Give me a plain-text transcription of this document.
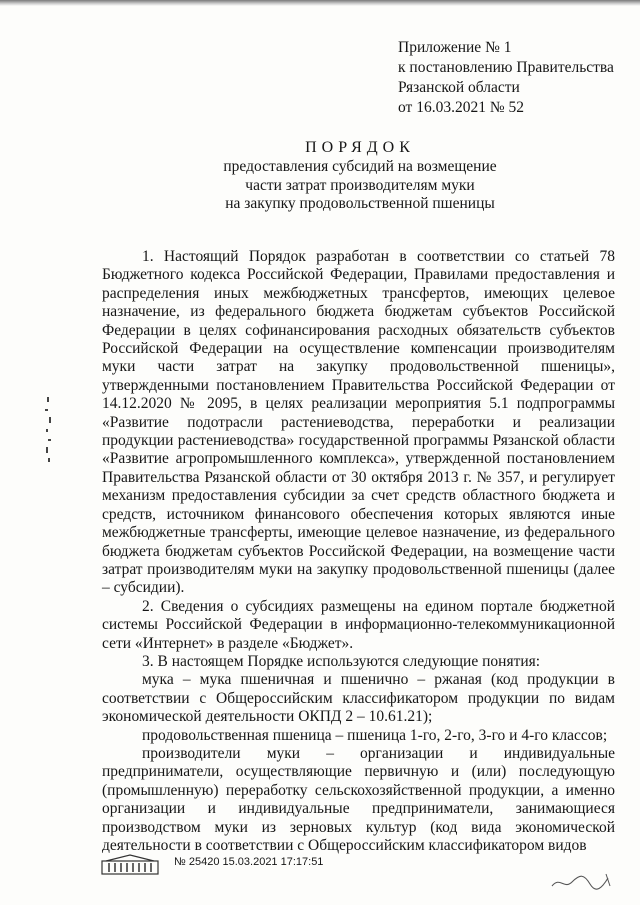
Приложение № 1
к постановлению Правительства
Рязанской области
от 16.03.2021 № 52
ПОРЯДОК
предоставления субсидий на возмещение
части затрат производителям муки
на закупку продовольственной пшеницы

1. Настоящий Порядок разработан в соответствии со статьей 78 Бюджетного кодекса Российской Федерации, Правилами предоставления и распределения иных межбюджетных трансфертов, имеющих целевое назначение, из федерального бюджета бюджетам субъектов Российской Федерации в целях софинансирования расходных обязательств субъектов Российской Федерации на осуществление компенсации производителям муки части затрат на закупку продовольственной пшеницы», утвержденными постановлением Правительства Российской Федерации от 14.12.2020 № 2095, в целях реализации мероприятия 5.1 подпрограммы «Развитие подотрасли растениеводства, переработки и реализации продукции растениеводства» государственной программы Рязанской области «Развитие агропромышленного комплекса», утвержденной постановлением Правительства Рязанской области от 30 октября 2013 г. № 357, и регулирует механизм предоставления субсидии за счет средств областного бюджета и средств, источником финансового обеспечения которых являются иные межбюджетные трансферты, имеющие целевое назначение, из федерального бюджета бюджетам субъектов Российской Федерации, на возмещение части затрат производителям муки на закупку продовольственной пшеницы (далее – субсидии).

2. Сведения о субсидиях размещены на едином портале бюджетной системы Российской Федерации в информационно-телекоммуникационной сети «Интернет» в разделе «Бюджет».

3. В настоящем Порядке используются следующие понятия:

мука – мука пшеничная и пшенично – ржаная (код продукции в соответствии с Общероссийским классификатором продукции по видам экономической деятельности ОКПД 2 – 10.61.21);

продовольственная пшеница – пшеница 1-го, 2-го, 3-го и 4-го классов;

производители муки – организации и индивидуальные предприниматели, осуществляющие первичную и (или) последующую (промышленную) переработку сельскохозяйственной продукции, а именно организации и индивидуальные предприниматели, занимающиеся производством муки из зерновых культур (код вида экономической деятельности в соответствии с Общероссийским классификатором видов

№ 25420 15.03.2021 17:17:51
